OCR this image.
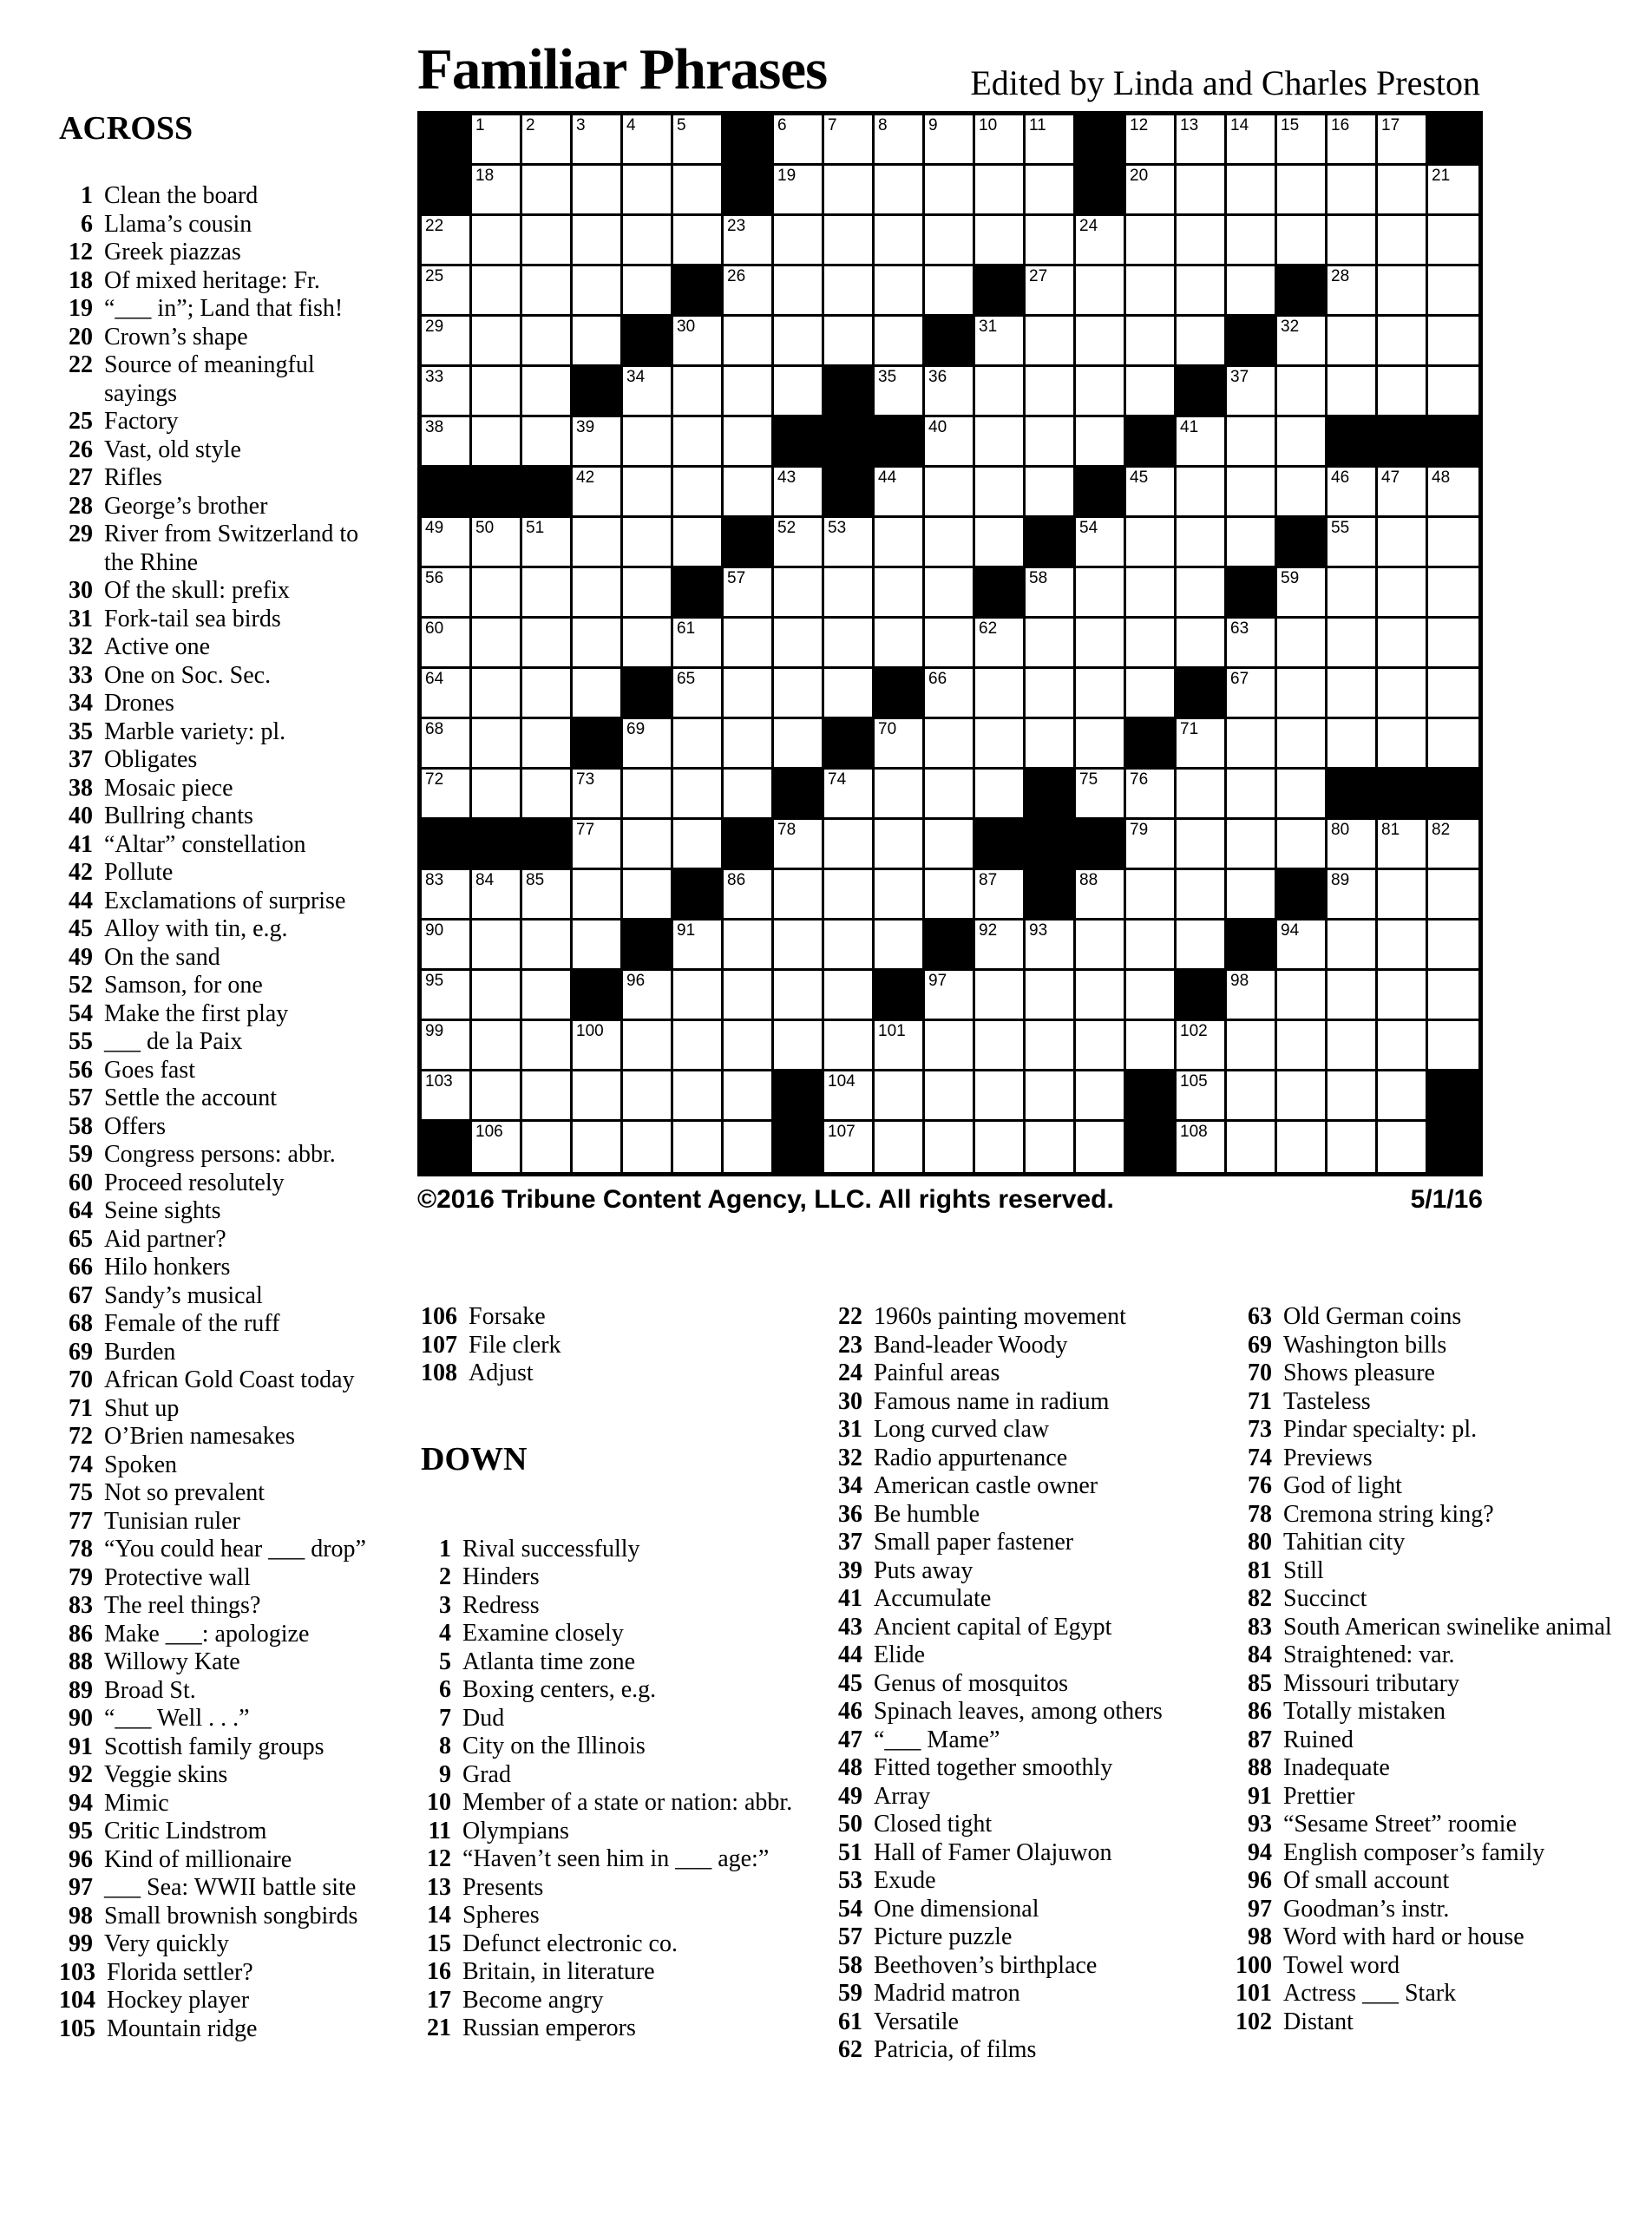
Familiar Phrases	Edited by Linda and Charles Preston
ACROSS
1 Clean the board
6 Llama’s cousin
12 Greek piazzas
18 Of mixed heritage: Fr.
19 “___ in”; Land that fish!
20 Crown’s shape
22 Source of meaningful sayings
25 Factory
26 Vast, old style
27 Rifles
28 George’s brother
29 River from Switzerland to the Rhine
30 Of the skull: prefix
31 Fork-tail sea birds
32 Active one
33 One on Soc. Sec.
34 Drones
35 Marble variety: pl.
37 Obligates
38 Mosaic piece
40 Bullring chants
41 “Altar” constellation
42 Pollute
44 Exclamations of surprise
45 Alloy with tin, e.g.
49 On the sand
52 Samson, for one
54 Make the first play
55 ___ de la Paix
56 Goes fast
57 Settle the account
58 Offers
59 Congress persons: abbr.
60 Proceed resolutely
64 Seine sights
65 Aid partner?
66 Hilo honkers
67 Sandy’s musical
68 Female of the ruff
69 Burden
70 African Gold Coast today
71 Shut up
72 O’Brien namesakes
74 Spoken
75 Not so prevalent
77 Tunisian ruler
78 “You could hear ___ drop”
79 Protective wall
83 The reel things?
86 Make ___: apologize
88 Willowy Kate
89 Broad St.
90 “___ Well . . .”
91 Scottish family groups
92 Veggie skins
94 Mimic
95 Critic Lindstrom
96 Kind of millionaire
97 ___ Sea: WWII battle site
98 Small brownish songbirds
99 Very quickly
103 Florida settler?
104 Hockey player
105 Mountain ridge
1 2 3 4 5	6 7 8 9 10 11	12 13 14 15 16 17
18	19	20	21
22	23	24
25	26	27	28
29	30	31	32
33	34	35 36	37
38	39	40	41
42	43	44	45	46 47 48
49 50 51	52 53	54	55
56	57	58	59
60	61	62	63
64	65	66	67
68	69	70	71
72	73	74	75 76
77	78	79	80 81 82
83 84 85	86	87	88	89
90	91	92 93	94
95	96	97	98
99	100	101	102
103	104	105
106	107	108
©2016 Tribune Content Agency, LLC. All rights reserved.	5/1/16
106 Forsake
107 File clerk
108 Adjust
DOWN
1 Rival successfully
2 Hinders
3 Redress
4 Examine closely
5 Atlanta time zone
6 Boxing centers, e.g.
7 Dud
8 City on the Illinois
9 Grad
10 Member of a state or nation: abbr.
11 Olympians
12 “Haven’t seen him in ___ age:”
13 Presents
14 Spheres
15 Defunct electronic co.
16 Britain, in literature
17 Become angry
21 Russian emperors
22 1960s painting movement
23 Band-leader Woody
24 Painful areas
30 Famous name in radium
31 Long curved claw
32 Radio appurtenance
34 American castle owner
36 Be humble
37 Small paper fastener
39 Puts away
41 Accumulate
43 Ancient capital of Egypt
44 Elide
45 Genus of mosquitos
46 Spinach leaves, among others
47 “___ Mame”
48 Fitted together smoothly
49 Array
50 Closed tight
51 Hall of Famer Olajuwon
53 Exude
54 One dimensional
57 Picture puzzle
58 Beethoven’s birthplace
59 Madrid matron
61 Versatile
62 Patricia, of films
63 Old German coins
69 Washington bills
70 Shows pleasure
71 Tasteless
73 Pindar specialty: pl.
74 Previews
76 God of light
78 Cremona string king?
80 Tahitian city
81 Still
82 Succinct
83 South American swinelike animal
84 Straightened: var.
85 Missouri tributary
86 Totally mistaken
87 Ruined
88 Inadequate
91 Prettier
93 “Sesame Street” roomie
94 English composer’s family
96 Of small account
97 Goodman’s instr.
98 Word with hard or house
100 Towel word
101 Actress ___ Stark
102 Distant
